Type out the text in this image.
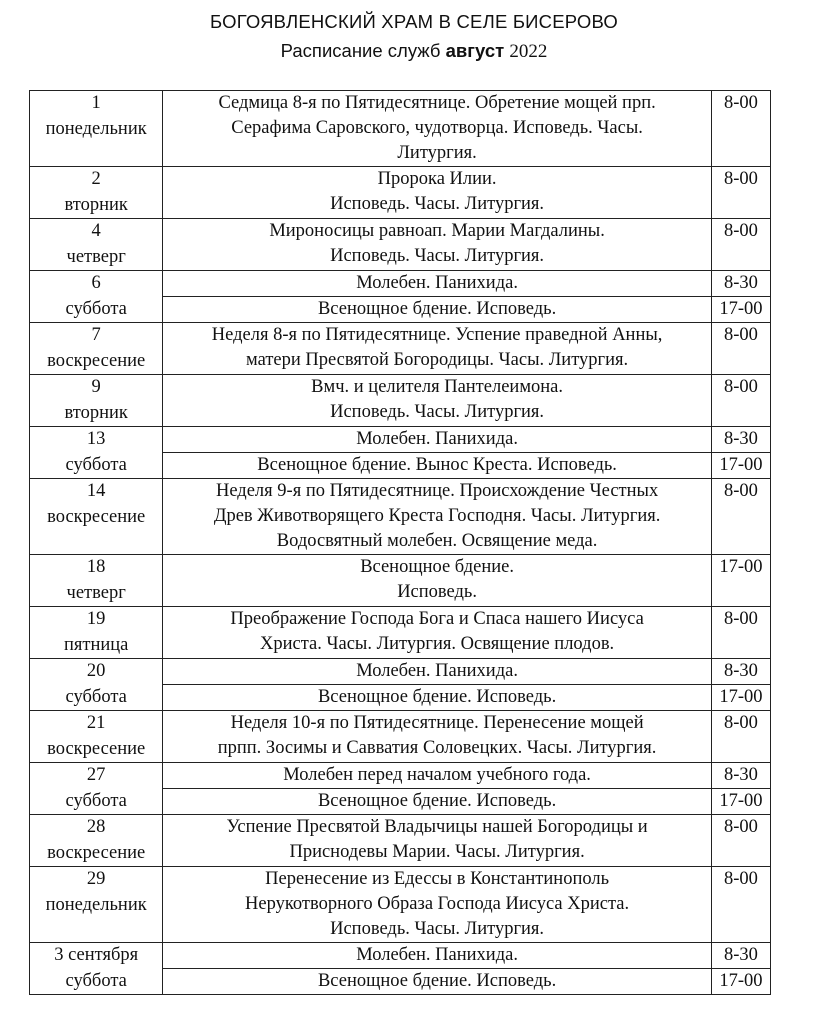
БОГОЯВЛЕНСКИЙ ХРАМ В СЕЛЕ БИСЕРОВО
Расписание служб август 2022
1
понедельник	Седмица 8-я по Пятидесятнице. Обретение мощей прп.
Серафима Саровского, чудотворца. Исповедь. Часы.
Литургия.	8-00

2
вторник	Пророка Илии.
Исповедь. Часы. Литургия.	8-00

4
четверг	Мироносицы равноап. Марии Магдалины.
Исповедь. Часы. Литургия.	8-00

6
суббота	Молебен. Панихида.	8-30

	Всенощное бдение. Исповедь.	17-00

7
воскресение	Неделя 8-я по Пятидесятнице. Успение праведной Анны,
матери Пресвятой Богородицы. Часы. Литургия.	8-00

9
вторник	Вмч. и целителя Пантелеимона.
Исповедь. Часы. Литургия.	8-00

13
суббота	Молебен. Панихида.	8-30

	Всенощное бдение. Вынос Креста. Исповедь.	17-00

14
воскресение	Неделя 9-я по Пятидесятнице. Происхождение Честных
Древ Животворящего Креста Господня. Часы. Литургия.
Водосвятный молебен. Освящение меда.	8-00

18
четверг	Всенощное бдение.
Исповедь.	17-00

19
пятница	Преображение Господа Бога и Спаса нашего Иисуса
Христа. Часы. Литургия. Освящение плодов.	8-00

20
суббота	Молебен. Панихида.	8-30

	Всенощное бдение. Исповедь.	17-00

21
воскресение	Неделя 10-я по Пятидесятнице. Перенесение мощей
прпп. Зосимы и Савватия Соловецких. Часы. Литургия.	8-00

27
суббота	Молебен перед началом учебного года.	8-30

	Всенощное бдение. Исповедь.	17-00

28
воскресение	Успение Пресвятой Владычицы нашей Богородицы и
Приснодевы Марии. Часы. Литургия.	8-00

29
понедельник	Перенесение из Едессы в Константинополь
Нерукотворного Образа Господа Иисуса Христа.
Исповедь. Часы. Литургия.	8-00

3 сентября
суббота	Молебен. Панихида.	8-30

	Всенощное бдение. Исповедь.	17-00
